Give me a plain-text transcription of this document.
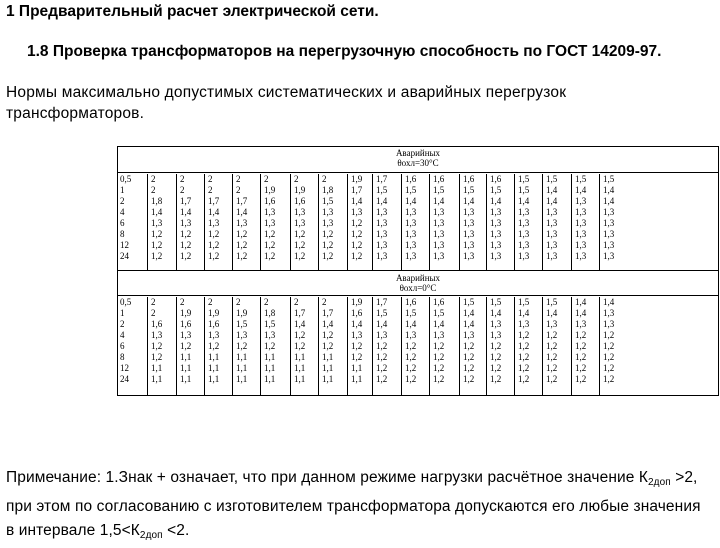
1 Предварительный расчет электрической сети.
1.8 Проверка трансформаторов на перегрузочную способность по ГОСТ 14209-97.
Нормы максимально допустимых систематических и аварийных перегрузок трансформаторов.
Аварийных
θохл=30°С
Аварийных
θохл=0°С
0,5
1
2
4
6
8
12
24
2
2
1,8
1,4
1,3
1,2
1,2
1,2
2
2
1,7
1,4
1,3
1,2
1,2
1,2
2
2
1,7
1,4
1,3
1,2
1,2
1,2
2
2
1,7
1,4
1,3
1,2
1,2
1,2
2
1,9
1,6
1,3
1,3
1,2
1,2
1,2
2
1,9
1,6
1,3
1,3
1,2
1,2
1,2
2
1,8
1,5
1,3
1,3
1,2
1,2
1,2
1,9
1,7
1,4
1,3
1,2
1,2
1,2
1,2
1,7
1,5
1,4
1,3
1,3
1,3
1,3
1,3
1,6
1,5
1,4
1,3
1,3
1,3
1,3
1,3
1,6
1,5
1,4
1,3
1,3
1,3
1,3
1,3
1,6
1,5
1,4
1,3
1,3
1,3
1,3
1,3
1,6
1,5
1,4
1,3
1,3
1,3
1,3
1,3
1,5
1,5
1,4
1,3
1,3
1,3
1,3
1,3
1,5
1,4
1,4
1,3
1,3
1,3
1,3
1,3
1,5
1,4
1,3
1,3
1,3
1,3
1,3
1,3
1,5
1,4
1,4
1,3
1,3
1,3
1,3
1,3
0,5
1
2
4
6
8
12
24
2
2
1,6
1,3
1,2
1,2
1,1
1,1
2
1,9
1,6
1,3
1,2
1,1
1,1
1,1
2
1,9
1,6
1,3
1,2
1,1
1,1
1,1
2
1,9
1,5
1,3
1,2
1,1
1,1
1,1
2
1,8
1,5
1,3
1,2
1,1
1,1
1,1
2
1,7
1,4
1,2
1,2
1,1
1,1
1,1
2
1,7
1,4
1,2
1,2
1,1
1,1
1,1
1,9
1,6
1,4
1,3
1,2
1,2
1,1
1,1
1,7
1,5
1,4
1,3
1,2
1,2
1,2
1,2
1,6
1,5
1,4
1,3
1,2
1,2
1,2
1,2
1,6
1,5
1,4
1,3
1,2
1,2
1,2
1,2
1,5
1,4
1,4
1,3
1,2
1,2
1,2
1,2
1,5
1,4
1,3
1,3
1,2
1,2
1,2
1,2
1,5
1,4
1,3
1,2
1,2
1,2
1,2
1,2
1,5
1,4
1,3
1,2
1,2
1,2
1,2
1,2
1,4
1,4
1,3
1,2
1,2
1,2
1,2
1,2
1,4
1,3
1,3
1,2
1,2
1,2
1,2
1,2
Примечание: 1.Знак + означает, что при данном режиме нагрузки расчётное значение $К_{2доп} >2$, при этом по согласованию с изготовителем трансформатора допускаются его любые значения в интервале $1,5<К_{2доп} <2$.
